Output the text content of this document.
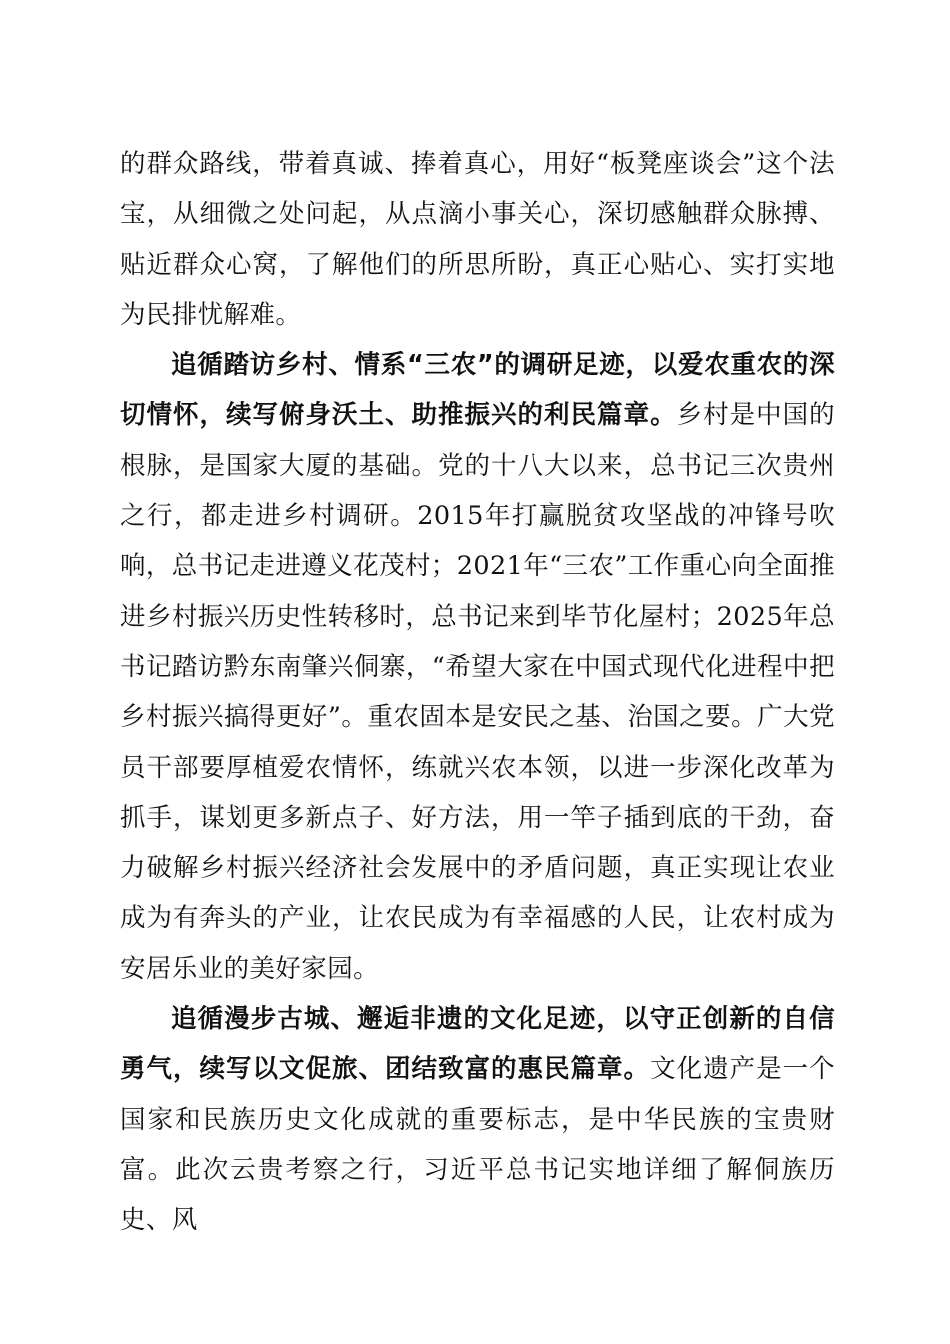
的群众路线，带着真诚、捧着真心，用好“板凳座谈会”这个法宝，从细微之处问起，从点滴小事关心，深切感触群众脉搏、贴近群众心窝，了解他们的所思所盼，真正心贴心、实打实地为民排忧解难。

追循踏访乡村、情系“三农”的调研足迹，以爱农重农的深切情怀，续写俯身沃土、助推振兴的利民篇章。乡村是中国的根脉，是国家大厦的基础。党的十八大以来，总书记三次贵州之行，都走进乡村调研。2015年打赢脱贫攻坚战的冲锋号吹响，总书记走进遵义花茂村；2021年“三农”工作重心向全面推进乡村振兴历史性转移时，总书记来到毕节化屋村；2025年总书记踏访黔东南肇兴侗寨，“希望大家在中国式现代化进程中把乡村振兴搞得更好”。重农固本是安民之基、治国之要。广大党员干部要厚植爱农情怀，练就兴农本领，以进一步深化改革为抓手，谋划更多新点子、好方法，用一竿子插到底的干劲，奋力破解乡村振兴经济社会发展中的矛盾问题，真正实现让农业成为有奔头的产业，让农民成为有幸福感的人民，让农村成为安居乐业的美好家园。

追循漫步古城、邂逅非遗的文化足迹，以守正创新的自信勇气，续写以文促旅、团结致富的惠民篇章。文化遗产是一个国家和民族历史文化成就的重要标志，是中华民族的宝贵财富。此次云贵考察之行，习近平总书记实地详细了解侗族历史、风
